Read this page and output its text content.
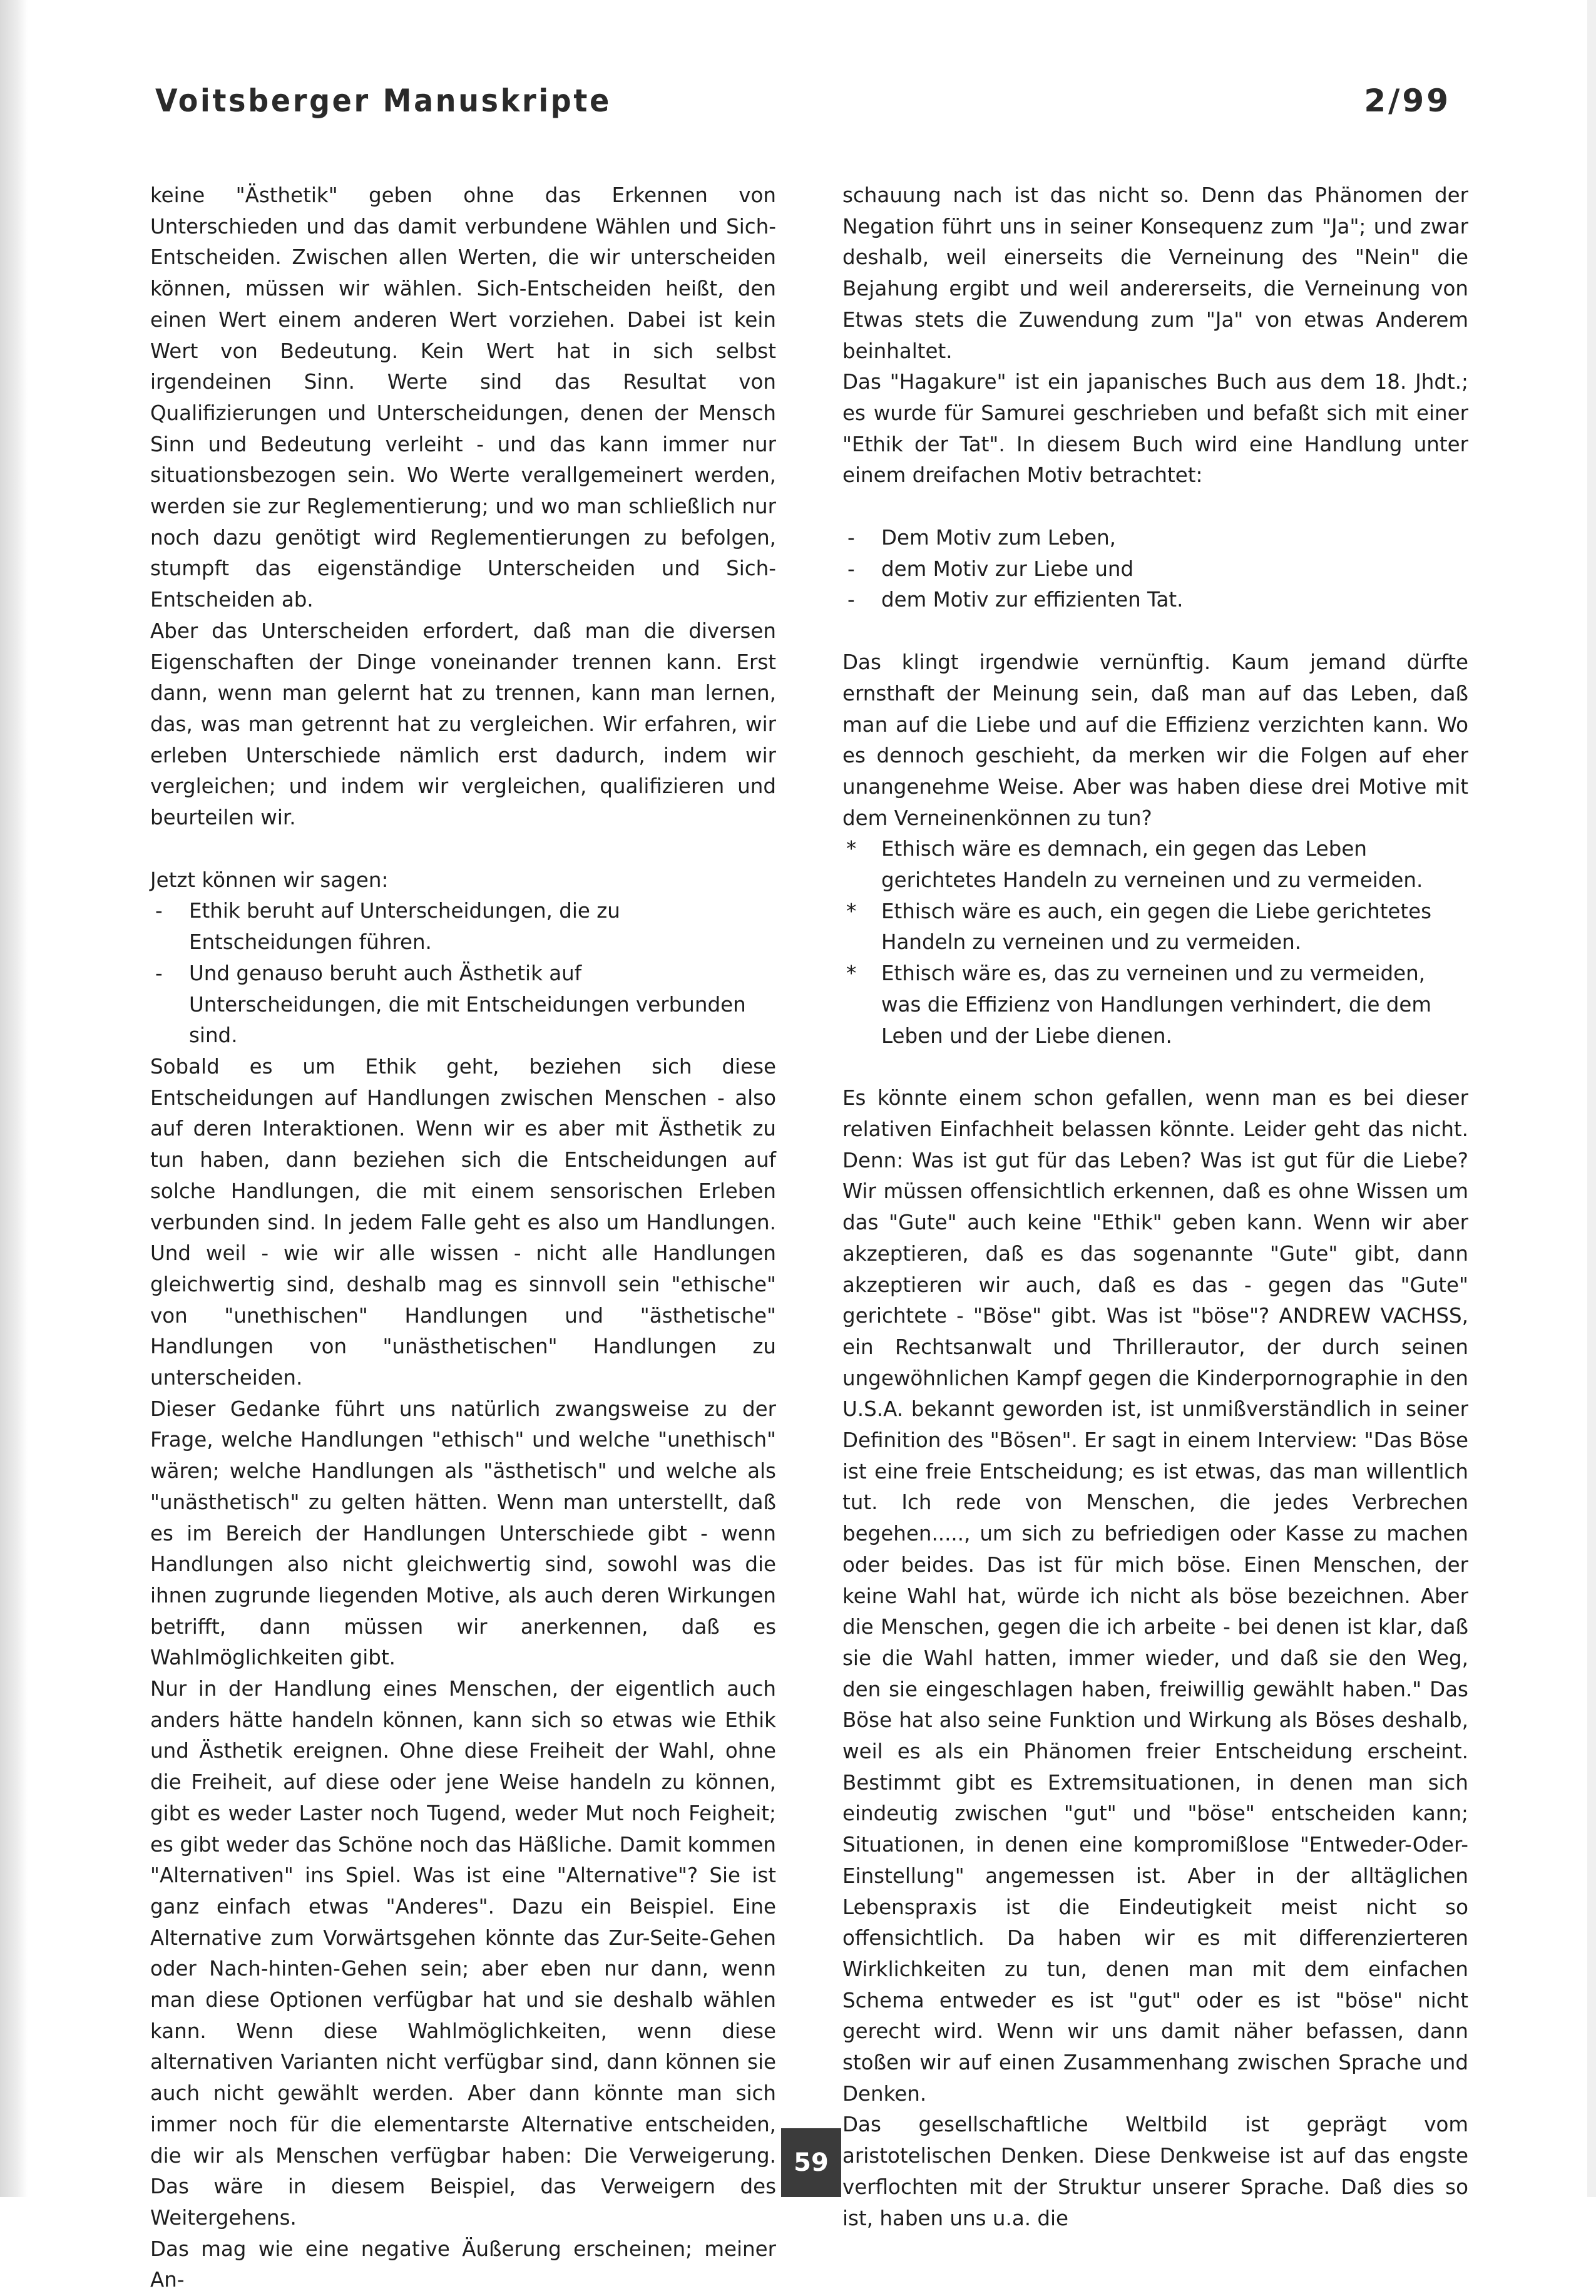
Voitsberger Manuskripte	2/99

keine "Ästhetik" geben ohne das Erkennen von Unterschieden und das damit verbundene Wählen und Sich-Entscheiden. Zwischen allen Werten, die wir unterscheiden können, müssen wir wählen. Sich-Entscheiden heißt, den einen Wert einem anderen Wert vorziehen. Dabei ist kein Wert von Bedeutung. Kein Wert hat in sich selbst irgendeinen Sinn. Werte sind das Resultat von Qualifizierungen und Unterscheidungen, denen der Mensch Sinn und Bedeutung verleiht - und das kann immer nur situationsbezogen sein. Wo Werte verallgemeinert werden, werden sie zur Reglementierung; und wo man schließlich nur noch dazu genötigt wird Reglementierungen zu befolgen, stumpft das eigenständige Unterscheiden und Sich-Entscheiden ab.

Aber das Unterscheiden erfordert, daß man die diversen Eigenschaften der Dinge voneinander trennen kann. Erst dann, wenn man gelernt hat zu trennen, kann man lernen, das, was man getrennt hat zu vergleichen. Wir erfahren, wir erleben Unterschiede nämlich erst dadurch, indem wir vergleichen; und indem wir vergleichen, qualifizieren und beurteilen wir.

Jetzt können wir sagen:

- Ethik beruht auf Unterscheidungen, die zu Entscheidungen führen.

- Und genauso beruht auch Ästhetik auf Unterscheidungen, die mit Entscheidungen verbunden sind.

Sobald es um Ethik geht, beziehen sich diese Entscheidungen auf Handlungen zwischen Menschen - also auf deren Interaktionen. Wenn wir es aber mit Ästhetik zu tun haben, dann beziehen sich die Entscheidungen auf solche Handlungen, die mit einem sensorischen Erleben verbunden sind. In jedem Falle geht es also um Handlungen. Und weil - wie wir alle wissen - nicht alle Handlungen gleichwertig sind, deshalb mag es sinnvoll sein "ethische" von "unethischen" Handlungen und "ästhetische" Handlungen von "unästhetischen" Handlungen zu unterscheiden.

Dieser Gedanke führt uns natürlich zwangsweise zu der Frage, welche Handlungen "ethisch" und welche "unethisch" wären; welche Handlungen als "ästhetisch" und welche als "unästhetisch" zu gelten hätten. Wenn man unterstellt, daß es im Bereich der Handlungen Unterschiede gibt - wenn Handlungen also nicht gleichwertig sind, sowohl was die ihnen zugrunde liegenden Motive, als auch deren Wirkungen betrifft, dann müssen wir anerkennen, daß es Wahlmöglichkeiten gibt.

Nur in der Handlung eines Menschen, der eigentlich auch anders hätte handeln können, kann sich so etwas wie Ethik und Ästhetik ereignen. Ohne diese Freiheit der Wahl, ohne die Freiheit, auf diese oder jene Weise handeln zu können, gibt es weder Laster noch Tugend, weder Mut noch Feigheit; es gibt weder das Schöne noch das Häßliche. Damit kommen "Alternativen" ins Spiel. Was ist eine "Alternative"? Sie ist ganz einfach etwas "Anderes". Dazu ein Beispiel. Eine Alternative zum Vorwärtsgehen könnte das Zur-Seite-Gehen oder Nach-hinten-Gehen sein; aber eben nur dann, wenn man diese Optionen verfügbar hat und sie deshalb wählen kann. Wenn diese Wahlmöglichkeiten, wenn diese alternativen Varianten nicht verfügbar sind, dann können sie auch nicht gewählt werden. Aber dann könnte man sich immer noch für die elementarste Alternative entscheiden, die wir als Menschen verfügbar haben: Die Verweigerung. Das wäre in diesem Beispiel, das Verweigern des Weitergehens.

Das mag wie eine negative Äußerung erscheinen; meiner An-

schauung nach ist das nicht so. Denn das Phänomen der Negation führt uns in seiner Konsequenz zum "Ja"; und zwar deshalb, weil einerseits die Verneinung des "Nein" die Bejahung ergibt und weil andererseits, die Verneinung von Etwas stets die Zuwendung zum "Ja" von etwas Anderem beinhaltet.

Das "Hagakure" ist ein japanisches Buch aus dem 18. Jhdt.; es wurde für Samurei geschrieben und befaßt sich mit einer "Ethik der Tat". In diesem Buch wird eine Handlung unter einem dreifachen Motiv betrachtet:

- Dem Motiv zum Leben,

- dem Motiv zur Liebe und

- dem Motiv zur effizienten Tat.

Das klingt irgendwie vernünftig. Kaum jemand dürfte ernsthaft der Meinung sein, daß man auf das Leben, daß man auf die Liebe und auf die Effizienz verzichten kann. Wo es dennoch geschieht, da merken wir die Folgen auf eher unangenehme Weise. Aber was haben diese drei Motive mit dem Verneinenkönnen zu tun?

* Ethisch wäre es demnach, ein gegen das Leben gerichtetes Handeln zu verneinen und zu vermeiden.

* Ethisch wäre es auch, ein gegen die Liebe gerichtetes Handeln zu verneinen und zu vermeiden.

* Ethisch wäre es, das zu verneinen und zu vermeiden, was die Effizienz von Handlungen verhindert, die dem Leben und der Liebe dienen.

Es könnte einem schon gefallen, wenn man es bei dieser relativen Einfachheit belassen könnte. Leider geht das nicht. Denn: Was ist gut für das Leben? Was ist gut für die Liebe? Wir müssen offensichtlich erkennen, daß es ohne Wissen um das "Gute" auch keine "Ethik" geben kann. Wenn wir aber akzeptieren, daß es das sogenannte "Gute" gibt, dann akzeptieren wir auch, daß es das - gegen das "Gute" gerichtete - "Böse" gibt. Was ist "böse"? ANDREW VACHSS, ein Rechtsanwalt und Thrillerautor, der durch seinen ungewöhnlichen Kampf gegen die Kinderpornographie in den U.S.A. bekannt geworden ist, ist unmißverständlich in seiner Definition des "Bösen". Er sagt in einem Interview: "Das Böse ist eine freie Entscheidung; es ist etwas, das man willentlich tut. Ich rede von Menschen, die jedes Verbrechen begehen....., um sich zu befriedigen oder Kasse zu machen oder beides. Das ist für mich böse. Einen Menschen, der keine Wahl hat, würde ich nicht als böse bezeichnen. Aber die Menschen, gegen die ich arbeite - bei denen ist klar, daß sie die Wahl hatten, immer wieder, und daß sie den Weg, den sie eingeschlagen haben, freiwillig gewählt haben." Das Böse hat also seine Funktion und Wirkung als Böses deshalb, weil es als ein Phänomen freier Entscheidung erscheint. Bestimmt gibt es Extremsituationen, in denen man sich eindeutig zwischen "gut" und "böse" entscheiden kann; Situationen, in denen eine kompromißlose "Entweder-Oder-Einstellung" angemessen ist. Aber in der alltäglichen Lebenspraxis ist die Eindeutigkeit meist nicht so offensichtlich. Da haben wir es mit differenzierteren Wirklichkeiten zu tun, denen man mit dem einfachen Schema entweder es ist "gut" oder es ist "böse" nicht gerecht wird. Wenn wir uns damit näher befassen, dann stoßen wir auf einen Zusammenhang zwischen Sprache und Denken.

Das gesellschaftliche Weltbild ist geprägt vom aristotelischen Denken. Diese Denkweise ist auf das engste verflochten mit der Struktur unserer Sprache. Daß dies so ist, haben uns u.a. die

59
